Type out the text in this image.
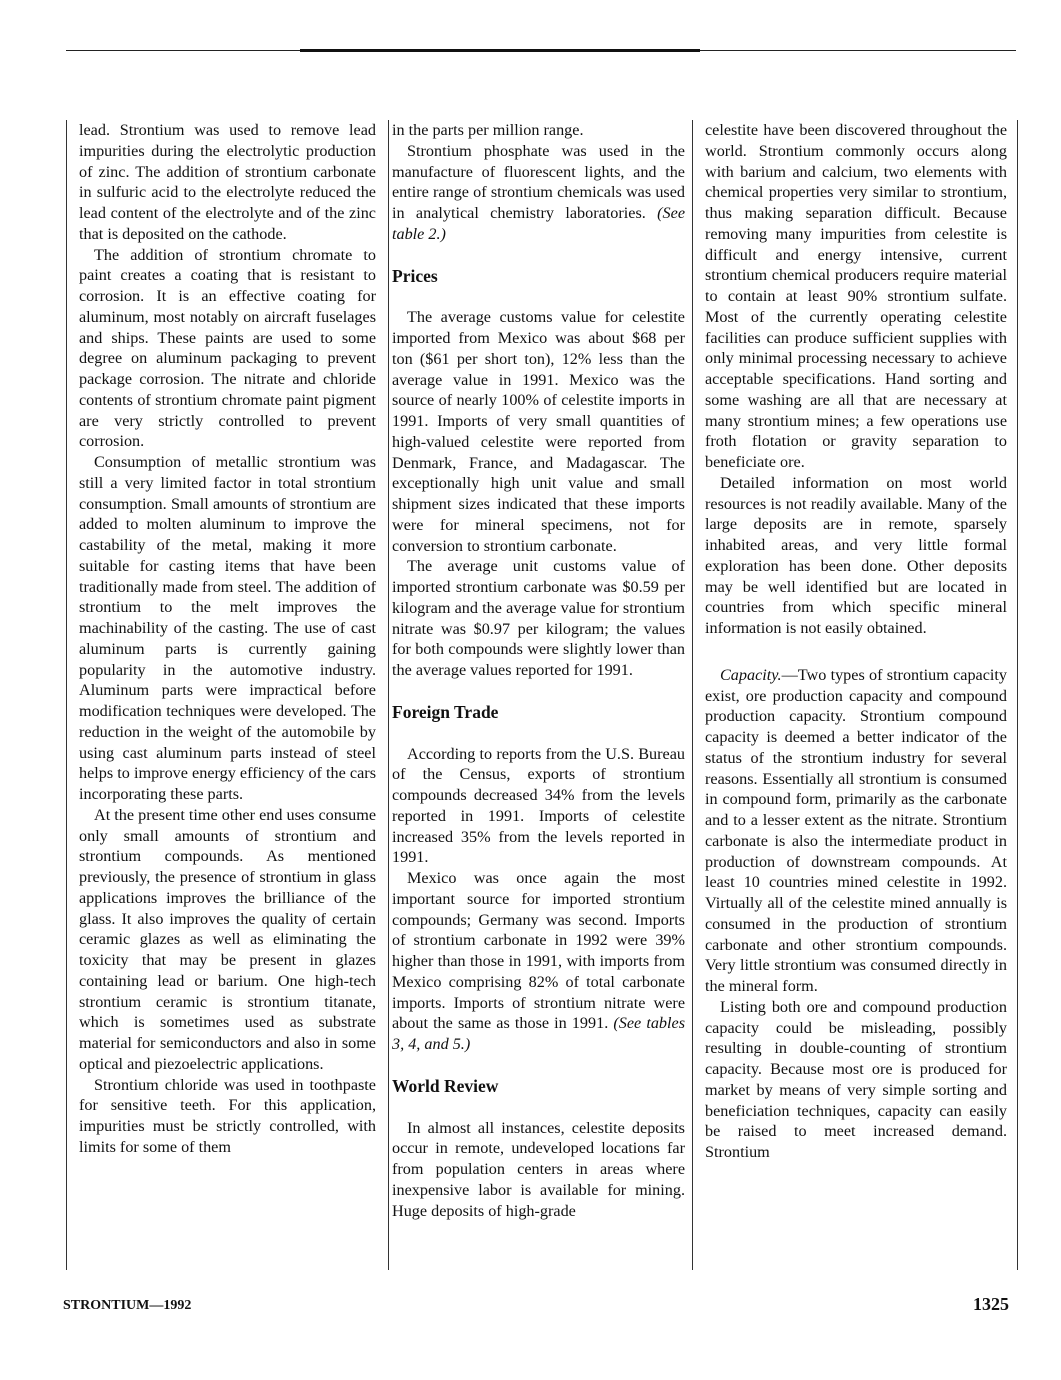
lead. Strontium was used to remove lead impurities during the electrolytic production of zinc. The addition of strontium carbonate in sulfuric acid to the electrolyte reduced the lead content of the electrolyte and of the zinc that is deposited on the cathode.

The addition of strontium chromate to paint creates a coating that is resistant to corrosion. It is an effective coating for aluminum, most notably on aircraft fuselages and ships. These paints are used to some degree on aluminum packaging to prevent package corrosion. The nitrate and chloride contents of strontium chromate paint pigment are very strictly controlled to prevent corrosion.

Consumption of metallic strontium was still a very limited factor in total strontium consumption. Small amounts of strontium are added to molten aluminum to improve the castability of the metal, making it more suitable for casting items that have been traditionally made from steel. The addition of strontium to the melt improves the machinability of the casting. The use of cast aluminum parts is currently gaining popularity in the automotive industry. Aluminum parts were impractical before modification techniques were developed. The reduction in the weight of the automobile by using cast aluminum parts instead of steel helps to improve energy efficiency of the cars incorporating these parts.

At the present time other end uses consume only small amounts of strontium and strontium compounds. As mentioned previously, the presence of strontium in glass applications improves the brilliance of the glass. It also improves the quality of certain ceramic glazes as well as eliminating the toxicity that may be present in glazes containing lead or barium. One high-tech strontium ceramic is strontium titanate, which is sometimes used as substrate material for semiconductors and also in some optical and piezoelectric applications.

Strontium chloride was used in toothpaste for sensitive teeth. For this application, impurities must be strictly controlled, with limits for some of them

in the parts per million range.

Strontium phosphate was used in the manufacture of fluorescent lights, and the entire range of strontium chemicals was used in analytical chemistry laboratories. (See table 2.)

Prices

The average customs value for celestite imported from Mexico was about $68 per ton ($61 per short ton), 12% less than the average value in 1991. Mexico was the source of nearly 100% of celestite imports in 1991. Imports of very small quantities of high-valued celestite were reported from Denmark, France, and Madagascar. The exceptionally high unit value and small shipment sizes indicated that these imports were for mineral specimens, not for conversion to strontium carbonate.

The average unit customs value of imported strontium carbonate was $0.59 per kilogram and the average value for strontium nitrate was $0.97 per kilogram; the values for both compounds were slightly lower than the average values reported for 1991.

Foreign Trade

According to reports from the U.S. Bureau of the Census, exports of strontium compounds decreased 34% from the levels reported in 1991. Imports of celestite increased 35% from the levels reported in 1991.

Mexico was once again the most important source for imported strontium compounds; Germany was second. Imports of strontium carbonate in 1992 were 39% higher than those in 1991, with imports from Mexico comprising 82% of total carbonate imports. Imports of strontium nitrate were about the same as those in 1991. (See tables 3, 4, and 5.)

World Review

In almost all instances, celestite deposits occur in remote, undeveloped locations far from population centers in areas where inexpensive labor is available for mining. Huge deposits of high-grade

celestite have been discovered throughout the world. Strontium commonly occurs along with barium and calcium, two elements with chemical properties very similar to strontium, thus making separation difficult. Because removing many impurities from celestite is difficult and energy intensive, current strontium chemical producers require material to contain at least 90% strontium sulfate. Most of the currently operating celestite facilities can produce sufficient supplies with only minimal processing necessary to achieve acceptable specifications. Hand sorting and some washing are all that are necessary at many strontium mines; a few operations use froth flotation or gravity separation to beneficiate ore.

Detailed information on most world resources is not readily available. Many of the large deposits are in remote, sparsely inhabited areas, and very little formal exploration has been done. Other deposits may be well identified but are located in countries from which specific mineral information is not easily obtained.

Capacity.—Two types of strontium capacity exist, ore production capacity and compound production capacity. Strontium compound capacity is deemed a better indicator of the status of the strontium industry for several reasons. Essentially all strontium is consumed in compound form, primarily as the carbonate and to a lesser extent as the nitrate. Strontium carbonate is also the intermediate product in production of downstream compounds. At least 10 countries mined celestite in 1992. Virtually all of the celestite mined annually is consumed in the production of strontium carbonate and other strontium compounds. Very little strontium was consumed directly in the mineral form.

Listing both ore and compound production capacity could be misleading, possibly resulting in double-counting of strontium capacity. Because most ore is produced for market by means of very simple sorting and beneficiation techniques, capacity can easily be raised to meet increased demand. Strontium

STRONTIUM—1992	1325
